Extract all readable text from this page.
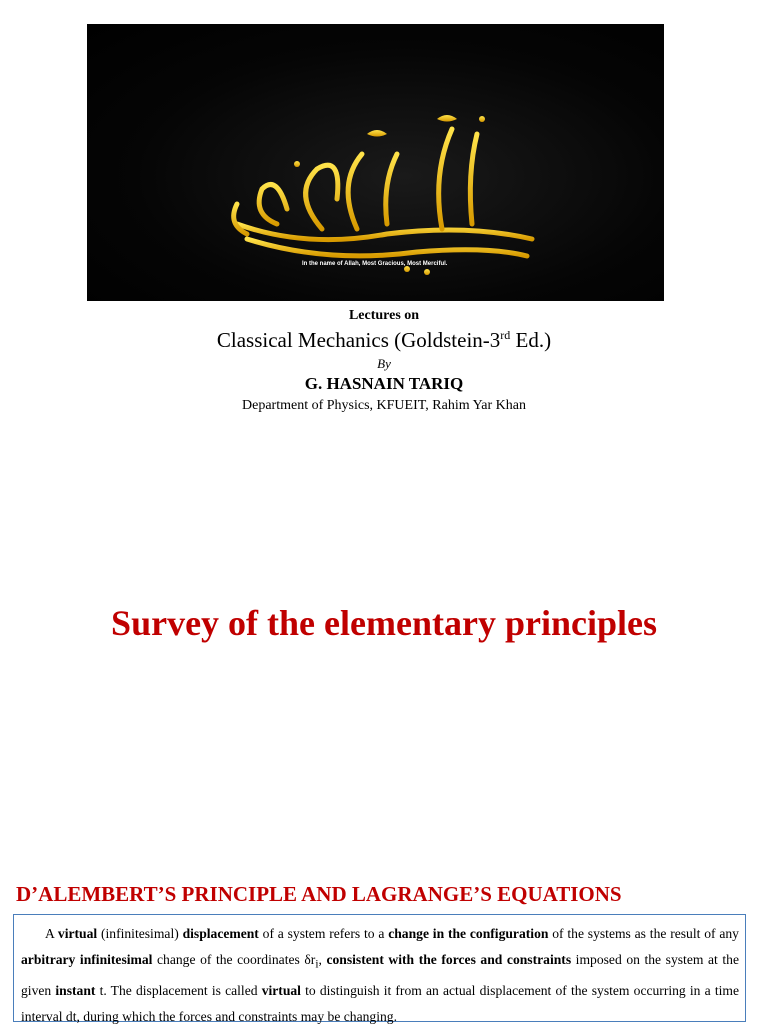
In the name of Allah, Most Gracious, Most Merciful.
Lectures on
Classical Mechanics (Goldstein-3rd Ed.)
By
G. HASNAIN TARIQ
Department of Physics, KFUEIT, Rahim Yar Khan
Survey of the elementary principles
D’ALEMBERT’S PRINCIPLE AND LAGRANGE’S EQUATIONS

A virtual (infinitesimal) displacement of a system refers to a change in the configuration of the systems as the result of any arbitrary infinitesimal change of the coordinates $\delta r_i$, consistent with the forces and constraints imposed on the system at the given instant t. The displacement is called virtual to distinguish it from an actual displacement of the system occurring in a time interval dt, during which the forces and constraints may be changing.
